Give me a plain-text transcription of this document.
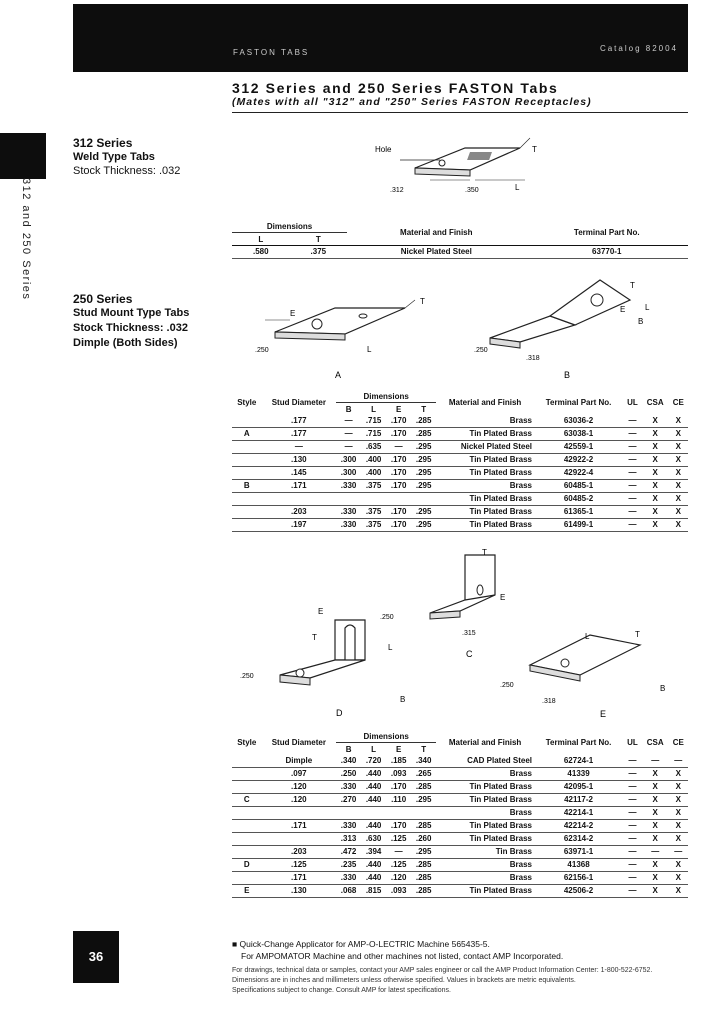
FASTON TABS	Catalog 82004
312 and 250 Series
312 Series and 250 Series FASTON Tabs
(Mates with all "312" and "250" Series FASTON Receptacles)
312 Series
Weld Type Tabs
Stock Thickness: .032
Hole	T
L
.312	.350
Dimensions		Material and Finish	Terminal Part No.
L	T		
.580	.375	Nickel Plated Steel	63770-1
250 Series
Stud Mount Type Tabs
Stock Thickness: .032
Dimple (Both Sides)
T
E
L
.250
A
T
E
B
L
.250
.318
B
Style	Stud Diameter	Dimensions				Material and Finish	Terminal Part No.	UL	CSA	CE
		B	L	E	T					
	.177	—	.715	.170	.285	Brass	63036-2	—	X	X
A	.177	—	.715	.170	.285	Tin Plated Brass	63038-1	—	X	X
	—	—	.635	—	.295	Nickel Plated Steel	42559-1	—	X	X
	.130	.300	.400	.170	.295	Tin Plated Brass	42922-2	—	X	X
	.145	.300	.400	.170	.295	Tin Plated Brass	42922-4	—	X	X
B	.171	.330	.375	.170	.295	Brass	60485-1	—	X	X
						Tin Plated Brass	60485-2	—	X	X
	.203	.330	.375	.170	.295	Tin Plated Brass	61365-1	—	X	X
	.197	.330	.375	.170	.295	Tin Plated Brass	61499-1	—	X	X
E
T
L
B
.250
D
T
E
.250
.315
C
L	T
B
.250
.318
E
Style	Stud Diameter	Dimensions				Material and Finish	Terminal Part No.	UL	CSA	CE
		B	L	E	T					
	Dimple	.340	.720	.185	.340	CAD Plated Steel	62724-1	—	—	—
	.097	.250	.440	.093	.265	Brass	41339	—	X	X
	.120	.330	.440	.170	.285	Tin Plated Brass	42095-1	—	X	X
C	.120	.270	.440	.110	.295	Tin Plated Brass	42117-2	—	X	X
						Brass	42214-1	—	X	X
	.171	.330	.440	.170	.285	Tin Plated Brass	42214-2	—	X	X
		.313	.630	.125	.260	Tin Plated Brass	62314-2	—	X	X
	.203	.472	.394	—	.295	Tin Brass	63971-1	—	—	—
D	.125	.235	.440	.125	.285	Brass	41368	—	X	X
	.171	.330	.440	.120	.285	Brass	62156-1	—	X	X
E	.130	.068	.815	.093	.285	Tin Plated Brass	42506-2	—	X	X
36
■ Quick-Change Applicator for AMP-O-LECTRIC Machine 565435-5.
For AMPOMATOR Machine and other machines not listed, contact AMP Incorporated.
For drawings, technical data or samples, contact your AMP sales engineer or call the AMP Product Information Center: 1-800-522-6752.
Dimensions are in inches and millimeters unless otherwise specified. Values in brackets are metric equivalents.
Specifications subject to change. Consult AMP for latest specifications.
